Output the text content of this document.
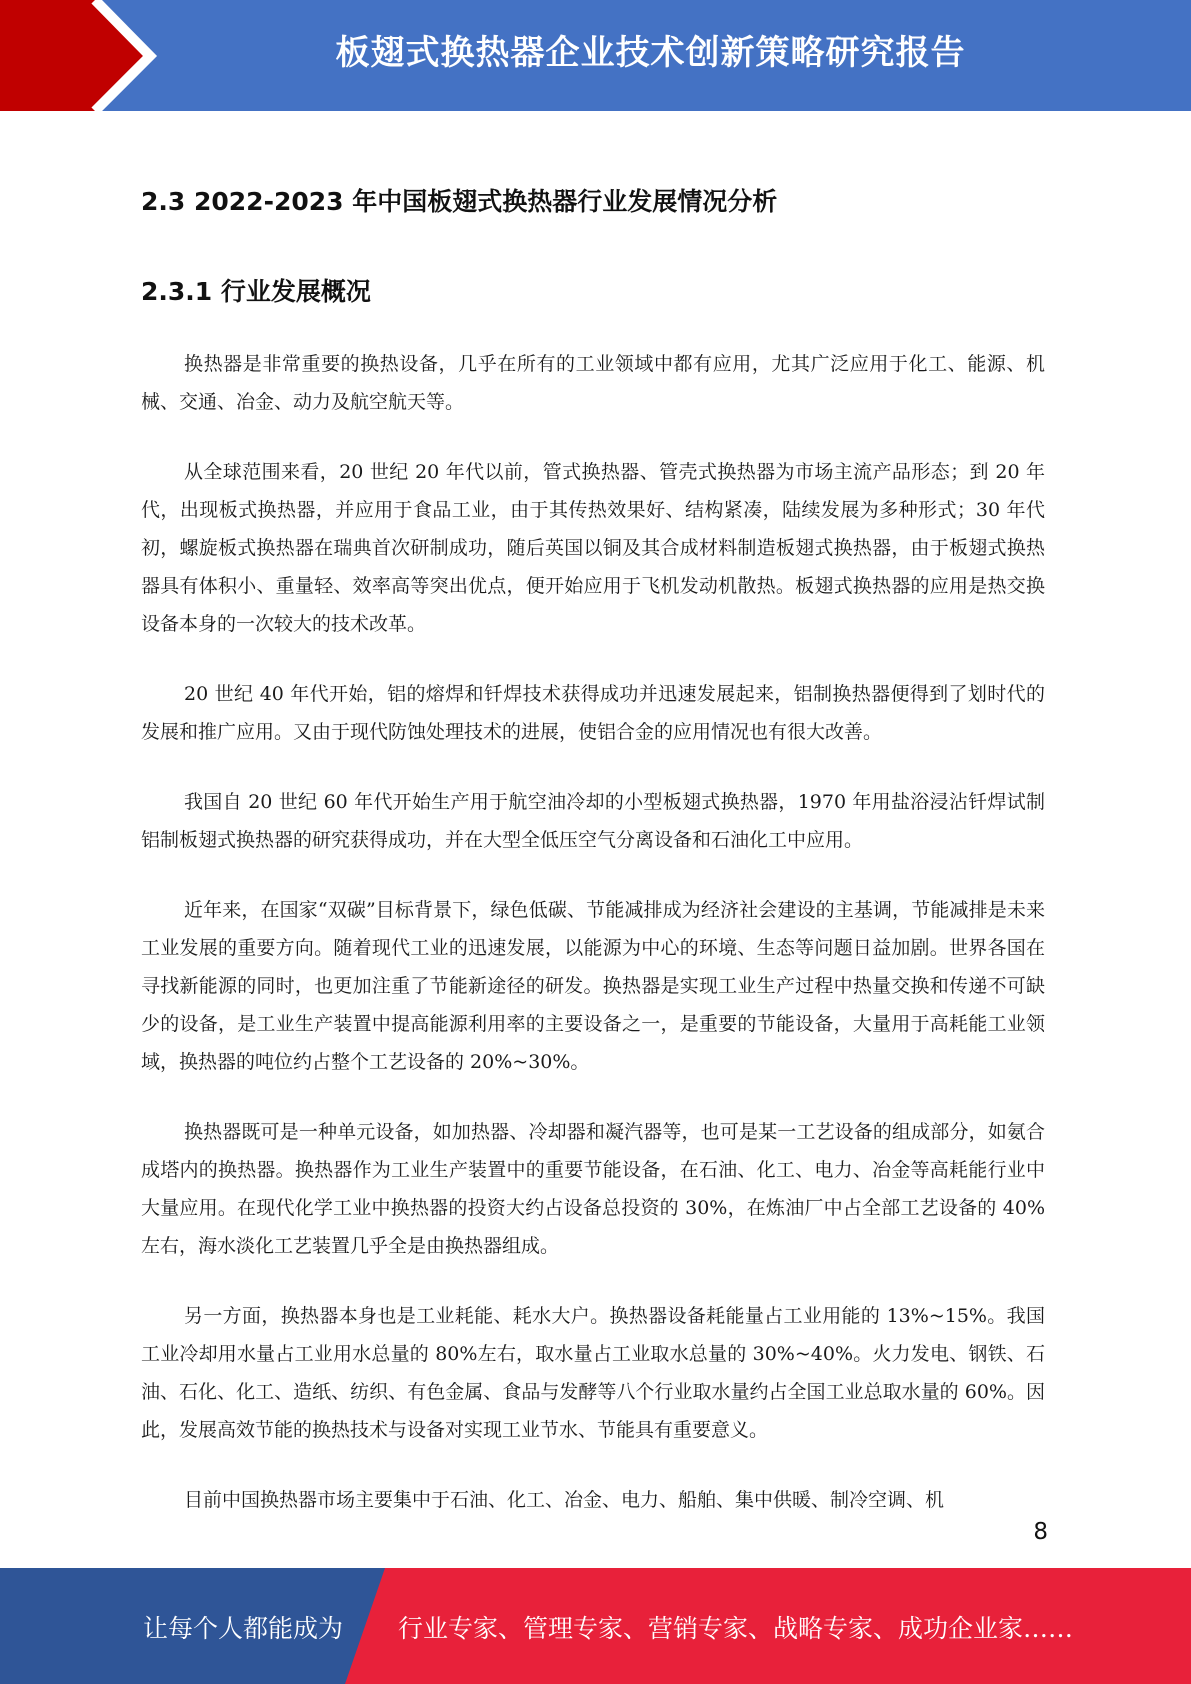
板翅式换热器企业技术创新策略研究报告
2.3 2022-2023 年中国板翅式换热器行业发展情况分析
2.3.1 行业发展概况

换热器是非常重要的换热设备，几乎在所有的工业领域中都有应用，尤其广泛应用于化工、能源、机械、交通、冶金、动力及航空航天等。

从全球范围来看，20 世纪 20 年代以前，管式换热器、管壳式换热器为市场主流产品形态；到 20 年代，出现板式换热器，并应用于食品工业，由于其传热效果好、结构紧凑，陆续发展为多种形式；30 年代初，螺旋板式换热器在瑞典首次研制成功，随后英国以铜及其合成材料制造板翅式换热器，由于板翅式换热器具有体积小、重量轻、效率高等突出优点，便开始应用于飞机发动机散热。板翅式换热器的应用是热交换设备本身的一次较大的技术改革。

20 世纪 40 年代开始，铝的熔焊和钎焊技术获得成功并迅速发展起来，铝制换热器便得到了划时代的发展和推广应用。又由于现代防蚀处理技术的进展，使铝合金的应用情况也有很大改善。

我国自 20 世纪 60 年代开始生产用于航空油冷却的小型板翅式换热器，1970 年用盐浴浸沾钎焊试制铝制板翅式换热器的研究获得成功，并在大型全低压空气分离设备和石油化工中应用。

近年来，在国家“双碳”目标背景下，绿色低碳、节能减排成为经济社会建设的主基调，节能减排是未来工业发展的重要方向。随着现代工业的迅速发展，以能源为中心的环境、生态等问题日益加剧。世界各国在寻找新能源的同时，也更加注重了节能新途径的研发。换热器是实现工业生产过程中热量交换和传递不可缺少的设备，是工业生产装置中提高能源利用率的主要设备之一，是重要的节能设备，大量用于高耗能工业领域，换热器的吨位约占整个工艺设备的 20%~30%。

换热器既可是一种单元设备，如加热器、冷却器和凝汽器等，也可是某一工艺设备的组成部分，如氨合成塔内的换热器。换热器作为工业生产装置中的重要节能设备，在石油、化工、电力、冶金等高耗能行业中大量应用。在现代化学工业中换热器的投资大约占设备总投资的 30%，在炼油厂中占全部工艺设备的 40%左右，海水淡化工艺装置几乎全是由换热器组成。

另一方面，换热器本身也是工业耗能、耗水大户。换热器设备耗能量占工业用能的 13%~15%。我国工业冷却用水量占工业用水总量的 80%左右，取水量占工业取水总量的 30%~40%。火力发电、钢铁、石油、石化、化工、造纸、纺织、有色金属、食品与发酵等八个行业取水量约占全国工业总取水量的 60%。因此，发展高效节能的换热技术与设备对实现工业节水、节能具有重要意义。

目前中国换热器市场主要集中于石油、化工、冶金、电力、船舶、集中供暖、制冷空调、机

8
让每个人都能成为 行业专家、管理专家、营销专家、战略专家、成功企业家……
